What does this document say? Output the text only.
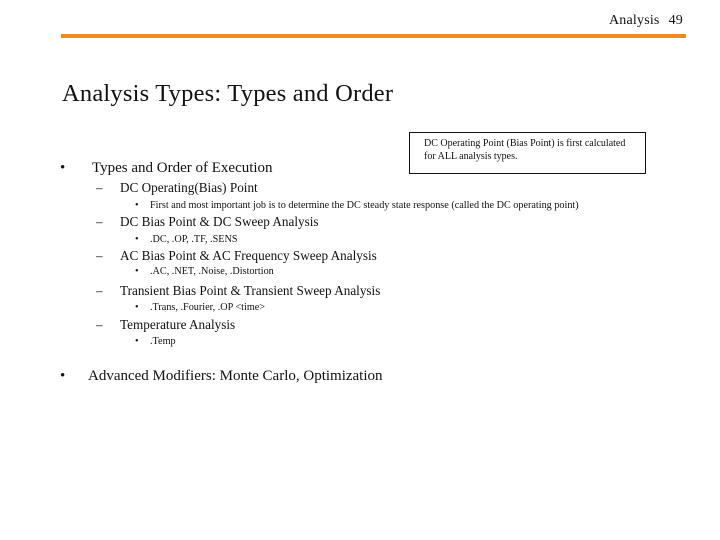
Analysis 49
Analysis Types: Types and Order
DC Operating Point (Bias Point) is first calculated for ALL analysis types.
• Types and Order of Execution
– DC Operating(Bias) Point
• First and most important job is to determine the DC steady state response (called the DC operating point)
– DC Bias Point & DC Sweep Analysis
• .DC, .OP, .TF, .SENS
– AC Bias Point & AC Frequency Sweep Analysis
• .AC, .NET, .Noise, .Distortion
– Transient Bias Point & Transient Sweep Analysis
• .Trans, .Fourier, .OP <time>
– Temperature Analysis
• .Temp
• Advanced Modifiers: Monte Carlo, Optimization
